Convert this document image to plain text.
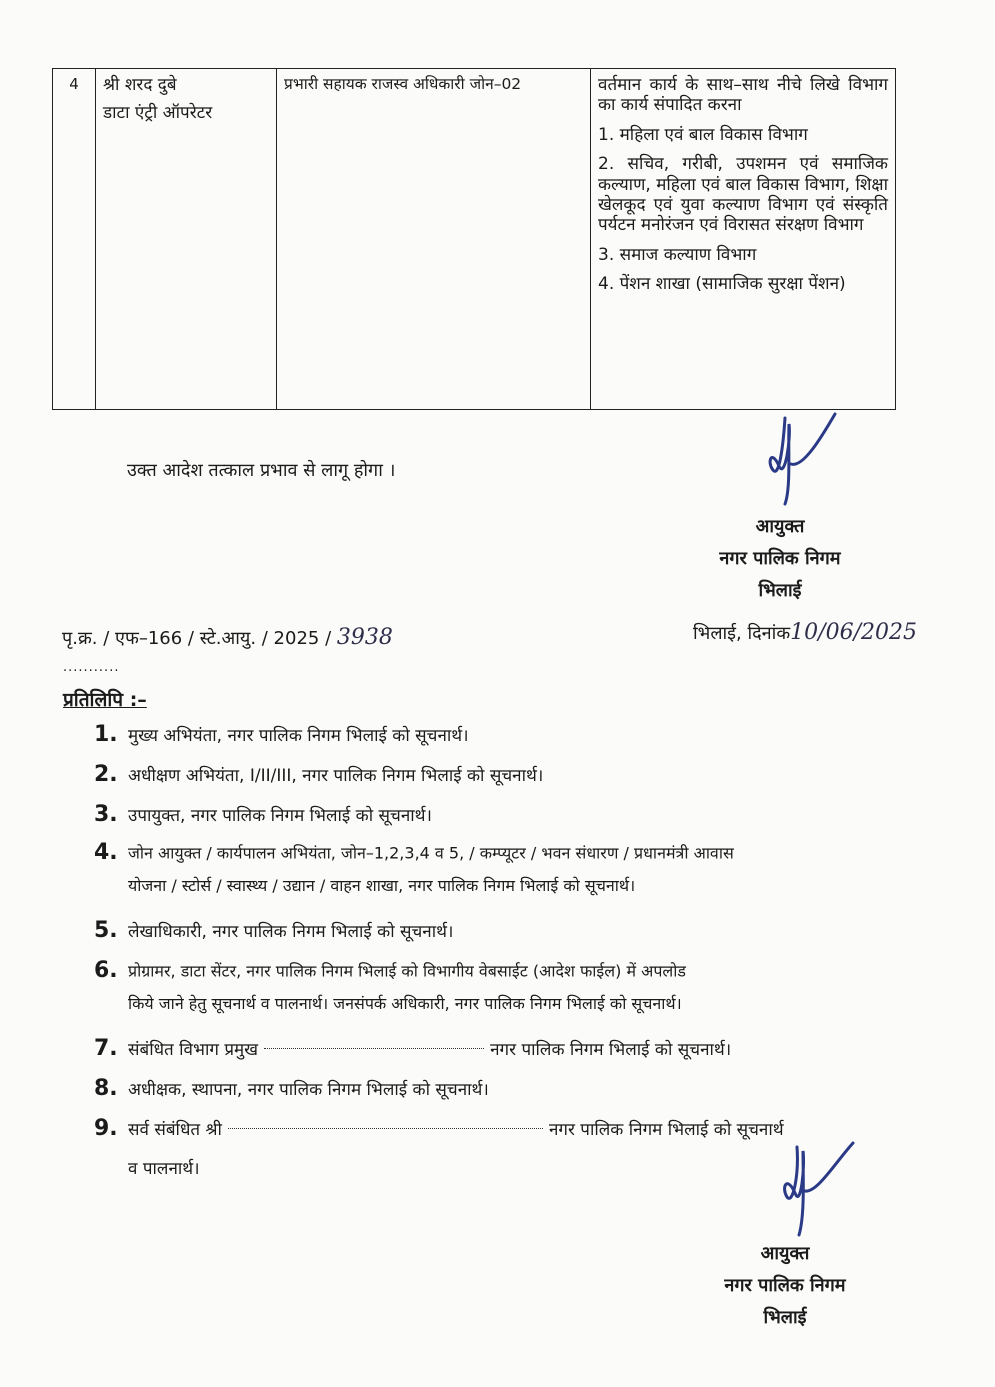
4	श्री शरद दुबे
डाटा एंट्री ऑपरेटर
	प्रभारी सहायक राजस्व अधिकारी जोन–02	वर्तमान कार्य के साथ–साथ नीचे लिखे विभाग का कार्य संपादित करना
1. महिला एवं बाल विकास विभाग
2. सचिव, गरीबी, उपशमन एवं समाजिक कल्याण, महिला एवं बाल विकास विभाग, शिक्षा खेलकूद एवं युवा कल्याण विभाग एवं संस्कृति पर्यटन मनोरंजन एवं विरासत संरक्षण विभाग
3. समाज कल्याण विभाग
4. पेंशन शाखा (सामाजिक सुरक्षा पेंशन)
उक्त आदेश तत्काल प्रभाव से लागू होगा ।
आयुक्त
नगर पालिक निगम
भिलाई
पृ.क्र. / एफ–166 / स्टे.आयु. / 2025 / 3938
...........
भिलाई, दिनांक10/06/2025
प्रतिलिपि :–
1. मुख्य अभियंता, नगर पालिक निगम भिलाई को सूचनार्थ।
2. अधीक्षण अभियंता, I/II/III, नगर पालिक निगम भिलाई को सूचनार्थ।
3. उपायुक्त, नगर पालिक निगम भिलाई को सूचनार्थ।
4. जोन आयुक्त / कार्यपालन अभियंता, जोन–1,2,3,4 व 5, / कम्प्यूटर / भवन संधारण / प्रधानमंत्री आवास
योजना / स्टोर्स / स्वास्थ्य / उद्यान / वाहन शाखा, नगर पालिक निगम भिलाई को सूचनार्थ।
5. लेखाधिकारी, नगर पालिक निगम भिलाई को सूचनार्थ।
6. प्रोग्रामर, डाटा सेंटर, नगर पालिक निगम भिलाई को विभागीय वेबसाईट (आदेश फाईल) में अपलोड
किये जाने हेतु सूचनार्थ व पालनार्थ। जनसंपर्क अधिकारी, नगर पालिक निगम भिलाई को सूचनार्थ।
7. संबंधित विभाग प्रमुख	नगर पालिक निगम भिलाई को सूचनार्थ।
8. अधीक्षक, स्थापना, नगर पालिक निगम भिलाई को सूचनार्थ।
9. सर्व संबंधित श्री	नगर पालिक निगम भिलाई को सूचनार्थ
व पालनार्थ।
आयुक्त
नगर पालिक निगम
भिलाई
